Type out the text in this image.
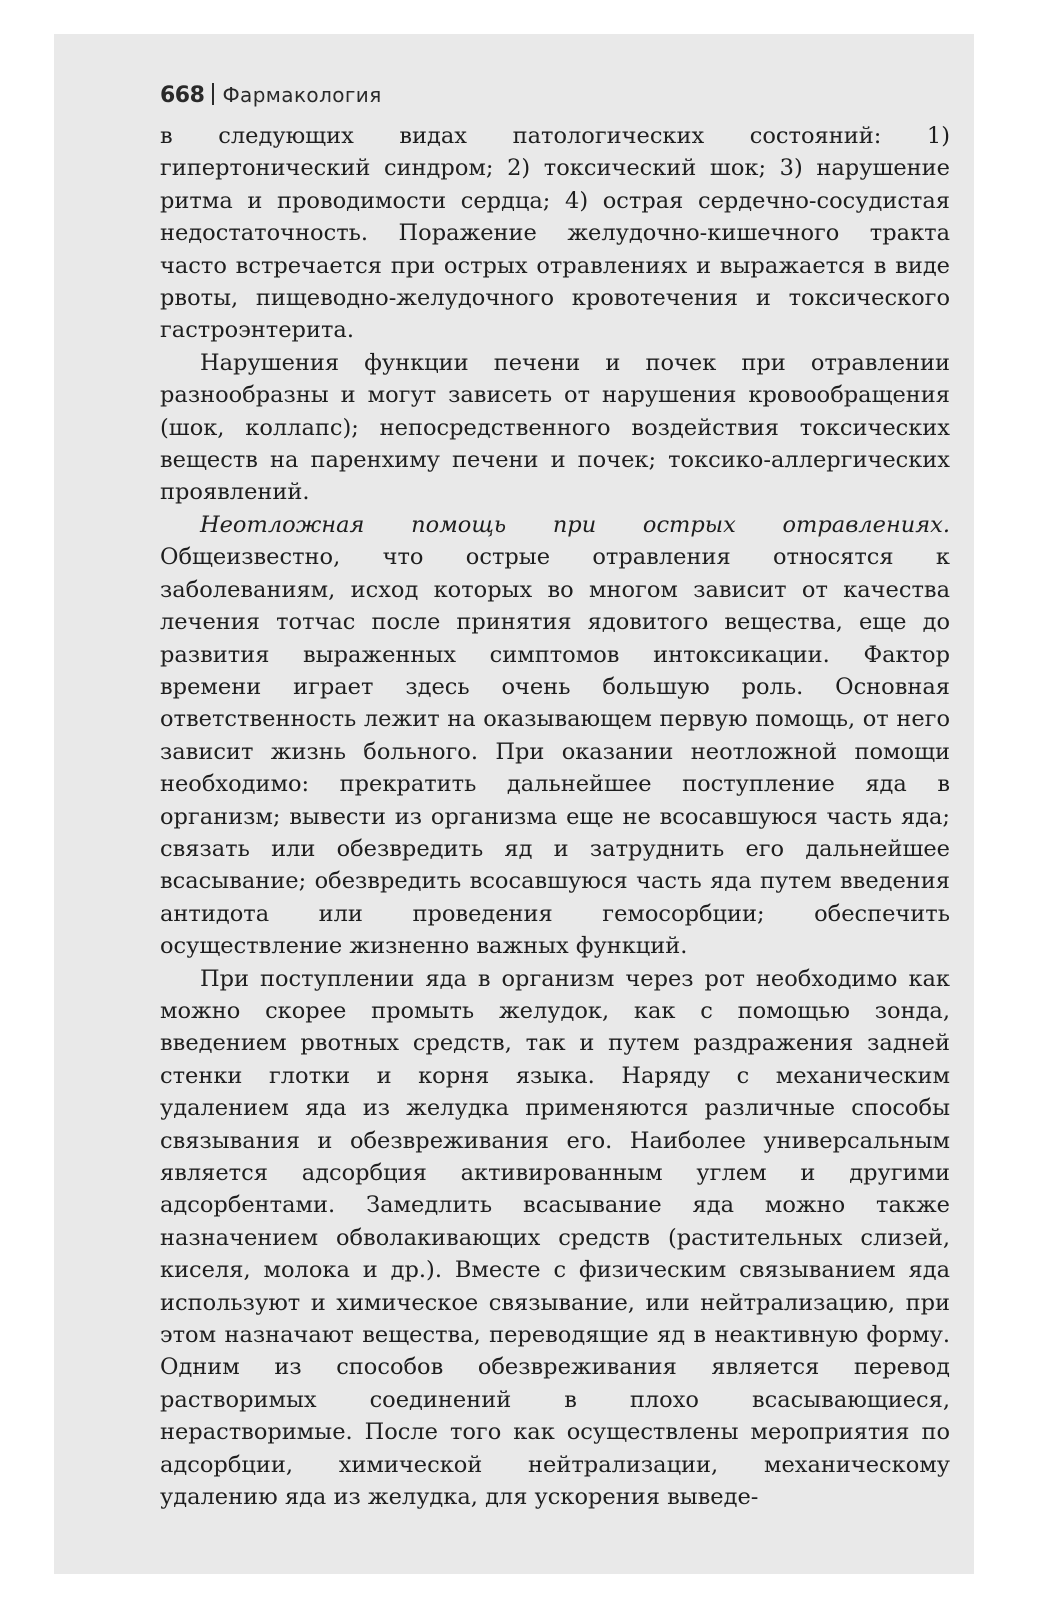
668 Фармакология

в следующих видах патологических состояний: 1) гипертонический синдром; 2) токсический шок; 3) нарушение ритма и проводимости сердца; 4) острая сердечно-сосудистая недостаточность. Поражение желудочно-кишечного тракта часто встречается при острых отравлениях и выражается в виде рвоты, пищеводно-желудочного кровотечения и токсического гастроэнтерита.

Нарушения функции печени и почек при отравлении разнообразны и могут зависеть от нарушения кровообращения (шок, коллапс); непосредственного воздействия токсических веществ на паренхиму печени и почек; токсико-аллергических проявлений.

Неотложная помощь при острых отравлениях. Общеизвестно, что острые отравления относятся к заболеваниям, исход которых во многом зависит от качества лечения тотчас после принятия ядовитого вещества, еще до развития выраженных симптомов интоксикации. Фактор времени играет здесь очень большую роль. Основная ответственность лежит на оказывающем первую помощь, от него зависит жизнь больного. При оказании неотложной помощи необходимо: прекратить дальнейшее поступление яда в организм; вывести из организма еще не всосавшуюся часть яда; связать или обезвредить яд и затруднить его дальнейшее всасывание; обезвредить всосавшуюся часть яда путем введения антидота или проведения гемосорбции; обеспечить осуществление жизненно важных функций.

При поступлении яда в организм через рот необходимо как можно скорее промыть желудок, как с помощью зонда, введением рвотных средств, так и путем раздражения задней стенки глотки и корня языка. Наряду с механическим удалением яда из желудка применяются различные способы связывания и обезвреживания его. Наиболее универсальным является адсорбция активированным углем и другими адсорбентами. Замедлить всасывание яда можно также назначением обволакивающих средств (растительных слизей, киселя, молока и др.). Вместе с физическим связыванием яда используют и химическое связывание, или нейтрализацию, при этом назначают вещества, переводящие яд в неактивную форму. Одним из способов обезвреживания является перевод растворимых соединений в плохо всасывающиеся, нерастворимые. После того как осуществлены мероприятия по адсорбции, химической нейтрализации, механическому удалению яда из желудка, для ускорения выведе-
